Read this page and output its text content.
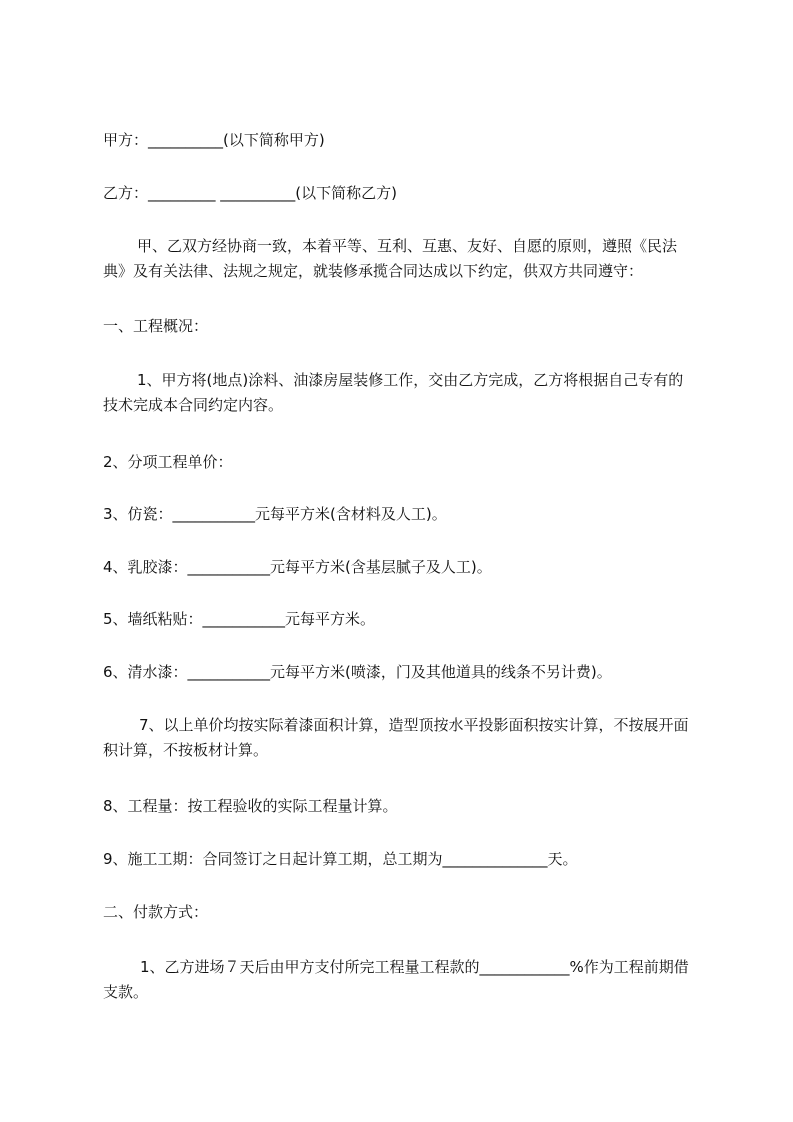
甲方：__________(以下简称甲方)

乙方：_________ __________(以下简称乙方)

甲、乙双方经协商一致，本着平等、互利、互惠、友好、自愿的原则，遵照《民法典》及有关法律、法规之规定，就装修承揽合同达成以下约定，供双方共同遵守：

一、工程概况：

1、甲方将(地点)涂料、油漆房屋装修工作，交由乙方完成，乙方将根据自己专有的技术完成本合同约定内容。

2、分项工程单价：

3、仿瓷：___________元每平方米(含材料及人工)。

4、乳胶漆：___________元每平方米(含基层腻子及人工)。

5、墙纸粘贴：___________元每平方米。

6、清水漆：___________元每平方米(喷漆，门及其他道具的线条不另计费)。

7、以上单价均按实际着漆面积计算，造型顶按水平投影面积按实计算，不按展开面积计算，不按板材计算。

8、工程量：按工程验收的实际工程量计算。

9、施工工期：合同签订之日起计算工期，总工期为______________天。

二、付款方式：

1、乙方进场７天后由甲方支付所完工程量工程款的____________%作为工程前期借支款。
